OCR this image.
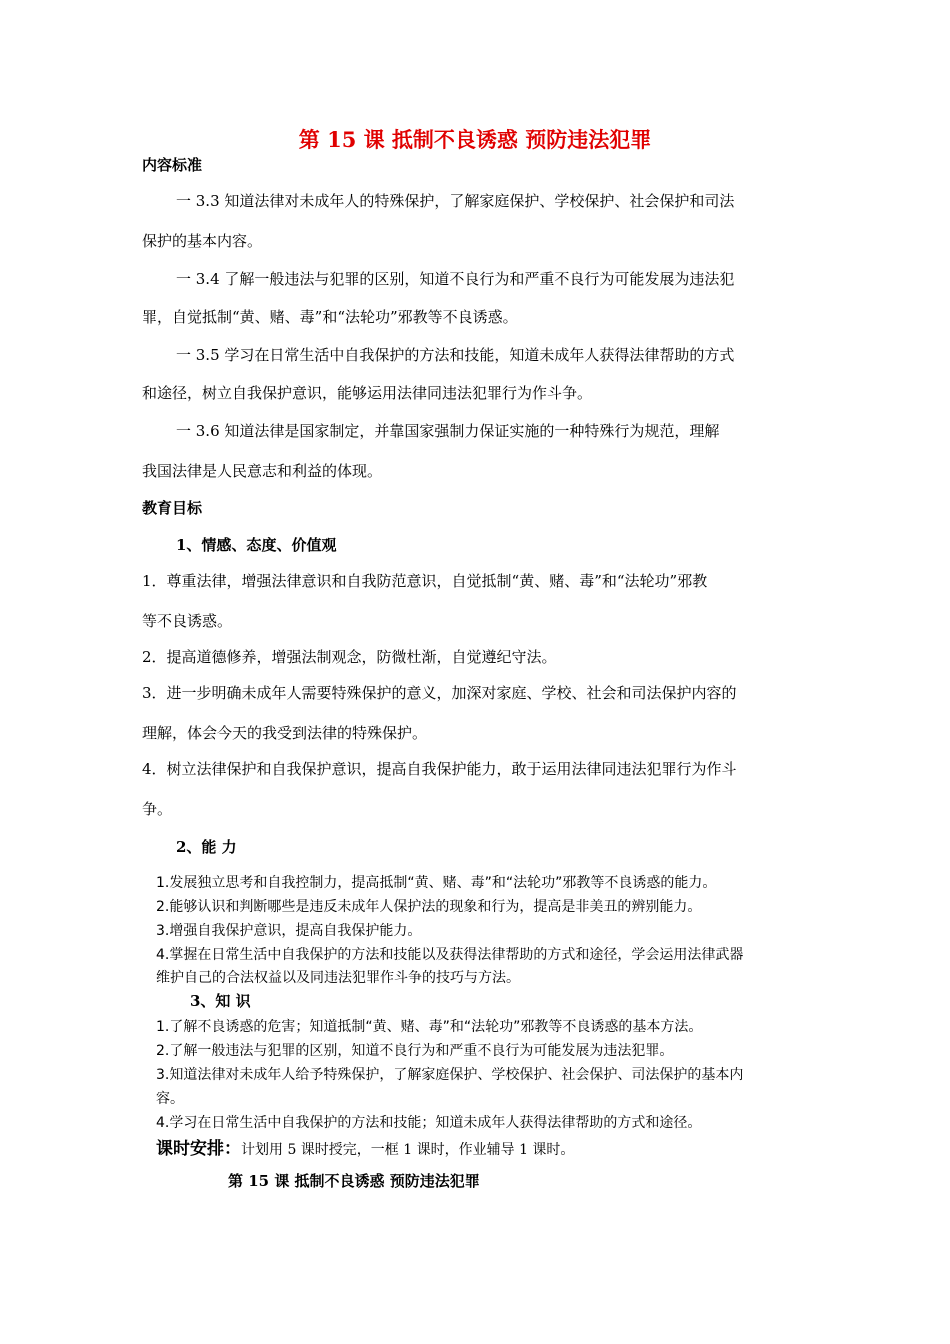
第 15 课 抵制不良诱惑 预防违法犯罪
内容标准
一 3.3 知道法律对未成年人的特殊保护，了解家庭保护、学校保护、社会保护和司法
保护的基本内容。
一 3.4 了解一般违法与犯罪的区别，知道不良行为和严重不良行为可能发展为违法犯
罪，自觉抵制“黄、赌、毒”和“法轮功”邪教等不良诱惑。
一 3.5 学习在日常生活中自我保护的方法和技能，知道未成年人获得法律帮助的方式
和途径，树立自我保护意识，能够运用法律同违法犯罪行为作斗争。
一 3.6 知道法律是国家制定，并靠国家强制力保证实施的一种特殊行为规范，理解
我国法律是人民意志和利益的体现。
教育目标
1、情感、态度、价值观
1．尊重法律，增强法律意识和自我防范意识，自觉抵制“黄、赌、毒”和“法轮功”邪教
等不良诱惑。
2．提高道德修养，增强法制观念，防微杜渐，自觉遵纪守法。
3．进一步明确未成年人需要特殊保护的意义，加深对家庭、学校、社会和司法保护内容的
理解，体会今天的我受到法律的特殊保护。
4．树立法律保护和自我保护意识，提高自我保护能力，敢于运用法律同违法犯罪行为作斗
争。
2、能 力
1.发展独立思考和自我控制力，提高抵制“黄、赌、毒”和“法轮功”邪教等不良诱惑的能力。
2.能够认识和判断哪些是违反未成年人保护法的现象和行为，提高是非美丑的辨别能力。
3.增强自我保护意识，提高自我保护能力。
4.掌握在日常生活中自我保护的方法和技能以及获得法律帮助的方式和途径，学会运用法律武器
维护自己的合法权益以及同违法犯罪作斗争的技巧与方法。
3、知 识
1.了解不良诱惑的危害；知道抵制“黄、赌、毒”和“法轮功”邪教等不良诱惑的基本方法。
2.了解一般违法与犯罪的区别，知道不良行为和严重不良行为可能发展为违法犯罪。
3.知道法律对未成年人给予特殊保护，了解家庭保护、学校保护、社会保护、司法保护的基本内
容。
4.学习在日常生活中自我保护的方法和技能；知道未成年人获得法律帮助的方式和途径。
课时安排：计划用 5 课时授完，一框 1 课时，作业辅导 1 课时。
第 15 课 抵制不良诱惑 预防违法犯罪
